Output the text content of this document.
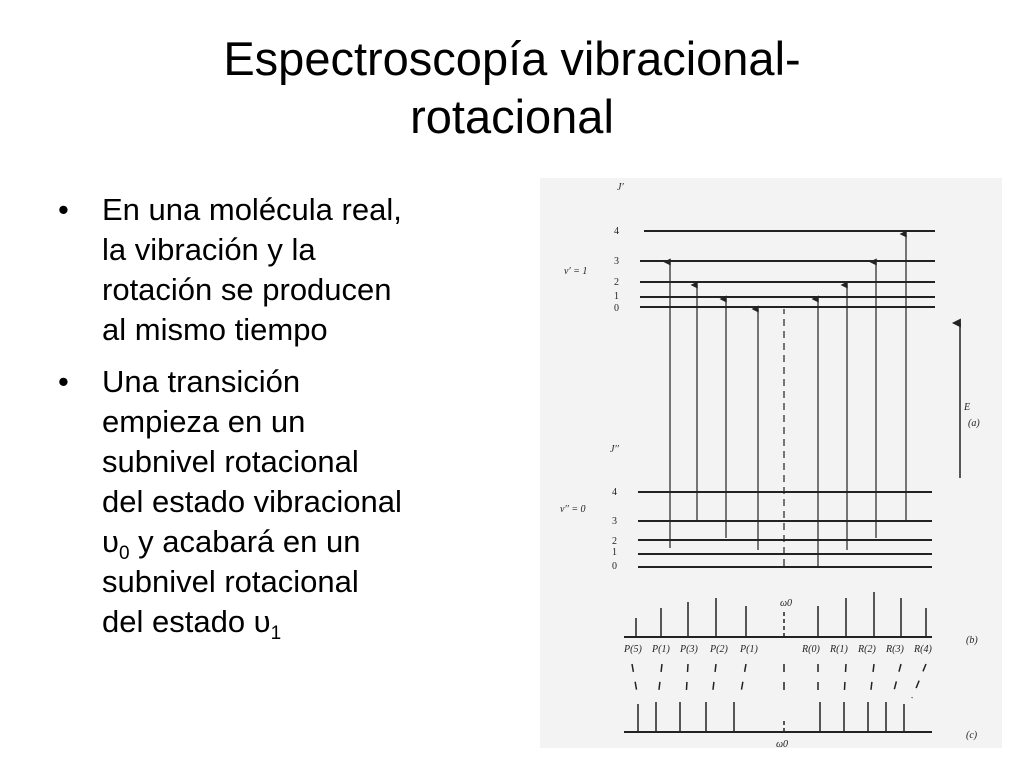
Espectroscopía vibracional-
rotacional
• En una molécula real,
la vibración y la
rotación se producen
al mismo tiempo
• Una transición
empieza en un
subnivel rotacional
del estado vibracional
$\upsilon_0$ y acabará en un
subnivel rotacional
del estado $\upsilon_1$
J′
v′ = 1
4
3
2
1
0
E
(a)
J′′
v′′ = 0
4
3
2
1
0
ω0
(b)
P(5) P(1) P(3) P(2) P(1)	R(0) R(1) R(2) R(3) R(4)
(c)
ω0
